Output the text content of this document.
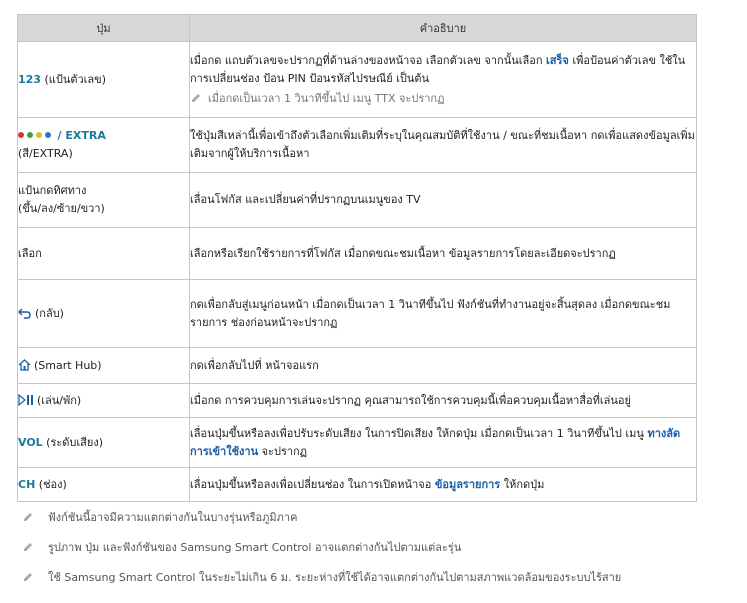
ปุ่ม	คำอธิบาย

123 (แป้นตัวเลข)	เมื่อกด แถบตัวเลขจะปรากฏที่ด้านล่างของหน้าจอ เลือกตัวเลข จากนั้นเลือก เสร็จ เพื่อป้อนค่าตัวเลข ใช้ในการเปลี่ยนช่อง ป้อน PIN ป้อนรหัสไปรษณีย์ เป็นต้น
เมื่อกดเป็นเวลา 1 วินาทีขึ้นไป เมนู TTX จะปรากฏ

/ EXTRA
(สี/EXTRA)	ใช้ปุ่มสีเหล่านี้เพื่อเข้าถึงตัวเลือกเพิ่มเติมที่ระบุในคุณสมบัติที่ใช้งาน / ขณะที่ชมเนื้อหา กดเพื่อแสดงข้อมูลเพิ่มเติมจากผู้ให้บริการเนื้อหา

แป้นกดทิศทาง
(ขึ้น/ลง/ซ้าย/ขวา)	เลื่อนโฟกัส และเปลี่ยนค่าที่ปรากฏบนเมนูของ TV

เลือก	เลือกหรือเรียกใช้รายการที่โฟกัส เมื่อกดขณะชมเนื้อหา ข้อมูลรายการโดยละเอียดจะปรากฏ

(กลับ)	กดเพื่อกลับสู่เมนูก่อนหน้า เมื่อกดเป็นเวลา 1 วินาทีขึ้นไป ฟังก์ชันที่ทำงานอยู่จะสิ้นสุดลง เมื่อกดขณะชมรายการ ช่องก่อนหน้าจะปรากฏ

(Smart Hub)	กดเพื่อกลับไปที่ หน้าจอแรก

(เล่น/พัก)	เมื่อกด การควบคุมการเล่นจะปรากฏ คุณสามารถใช้การควบคุมนี้เพื่อควบคุมเนื้อหาสื่อที่เล่นอยู่

VOL (ระดับเสียง)	เลื่อนปุ่มขึ้นหรือลงเพื่อปรับระดับเสียง ในการปิดเสียง ให้กดปุ่ม เมื่อกดเป็นเวลา 1 วินาทีขึ้นไป เมนู ทางลัดการเข้าใช้งาน จะปรากฏ

CH (ช่อง)	เลื่อนปุ่มขึ้นหรือลงเพื่อเปลี่ยนช่อง ในการเปิดหน้าจอ ข้อมูลรายการ ให้กดปุ่ม
ฟังก์ชันนี้อาจมีความแตกต่างกันในบางรุ่นหรือภูมิภาค
รูปภาพ ปุ่ม และฟังก์ชันของ Samsung Smart Control อาจแตกต่างกันไปตามแต่ละรุ่น
ใช้ Samsung Smart Control ในระยะไม่เกิน 6 ม. ระยะห่างที่ใช้ได้อาจแตกต่างกันไปตามสภาพแวดล้อมของระบบไร้สาย
